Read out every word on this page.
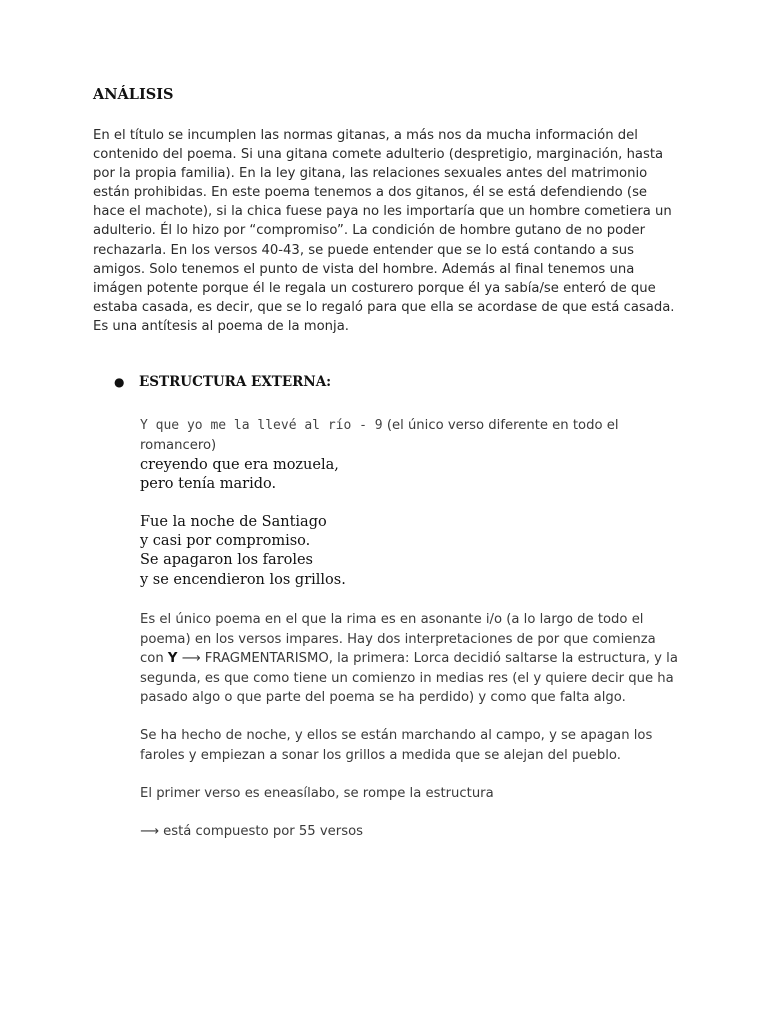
ANÁLISIS

En el título se incumplen las normas gitanas, a más nos da mucha información del contenido del poema. Si una gitana comete adulterio (despretigio, marginación, hasta por la propia familia). En la ley gitana, las relaciones sexuales antes del matrimonio están prohibidas. En este poema tenemos a dos gitanos, él se está defendiendo (se hace el machote), si la chica fuese paya no les importaría que un hombre cometiera un adulterio. Él lo hizo por “compromiso”. La condición de hombre gutano de no poder rechazarla. En los versos 40-43, se puede entender que se lo está contando a sus amigos. Solo tenemos el punto de vista del hombre. Además al final tenemos una imágen potente porque él le regala un costurero porque él ya sabía/se enteró de que estaba casada, es decir, que se lo regaló para que ella se acordase de que está casada. Es una antítesis al poema de la monja.

●	ESTRUCTURA EXTERNA:
Y que yo me la llevé al río - 9 (el único verso diferente en todo el romancero)
creyendo que era mozuela,
pero tenía marido.
Fue la noche de Santiago
y casi por compromiso.
Se apagaron los faroles
y se encendieron los grillos.

Es el único poema en el que la rima es en asonante i/o (a lo largo de todo el poema) en los versos impares. Hay dos interpretaciones de por que comienza con Y ⟶ FRAGMENTARISMO, la primera: Lorca decidió saltarse la estructura, y la segunda, es que como tiene un comienzo in medias res (el y quiere decir que ha pasado algo o que parte del poema se ha perdido) y como que falta algo.

Se ha hecho de noche, y ellos se están marchando al campo, y se apagan los faroles y empiezan a sonar los grillos a medida que se alejan del pueblo.

El primer verso es eneasílabo, se rompe la estructura

⟶ está compuesto por 55 versos
